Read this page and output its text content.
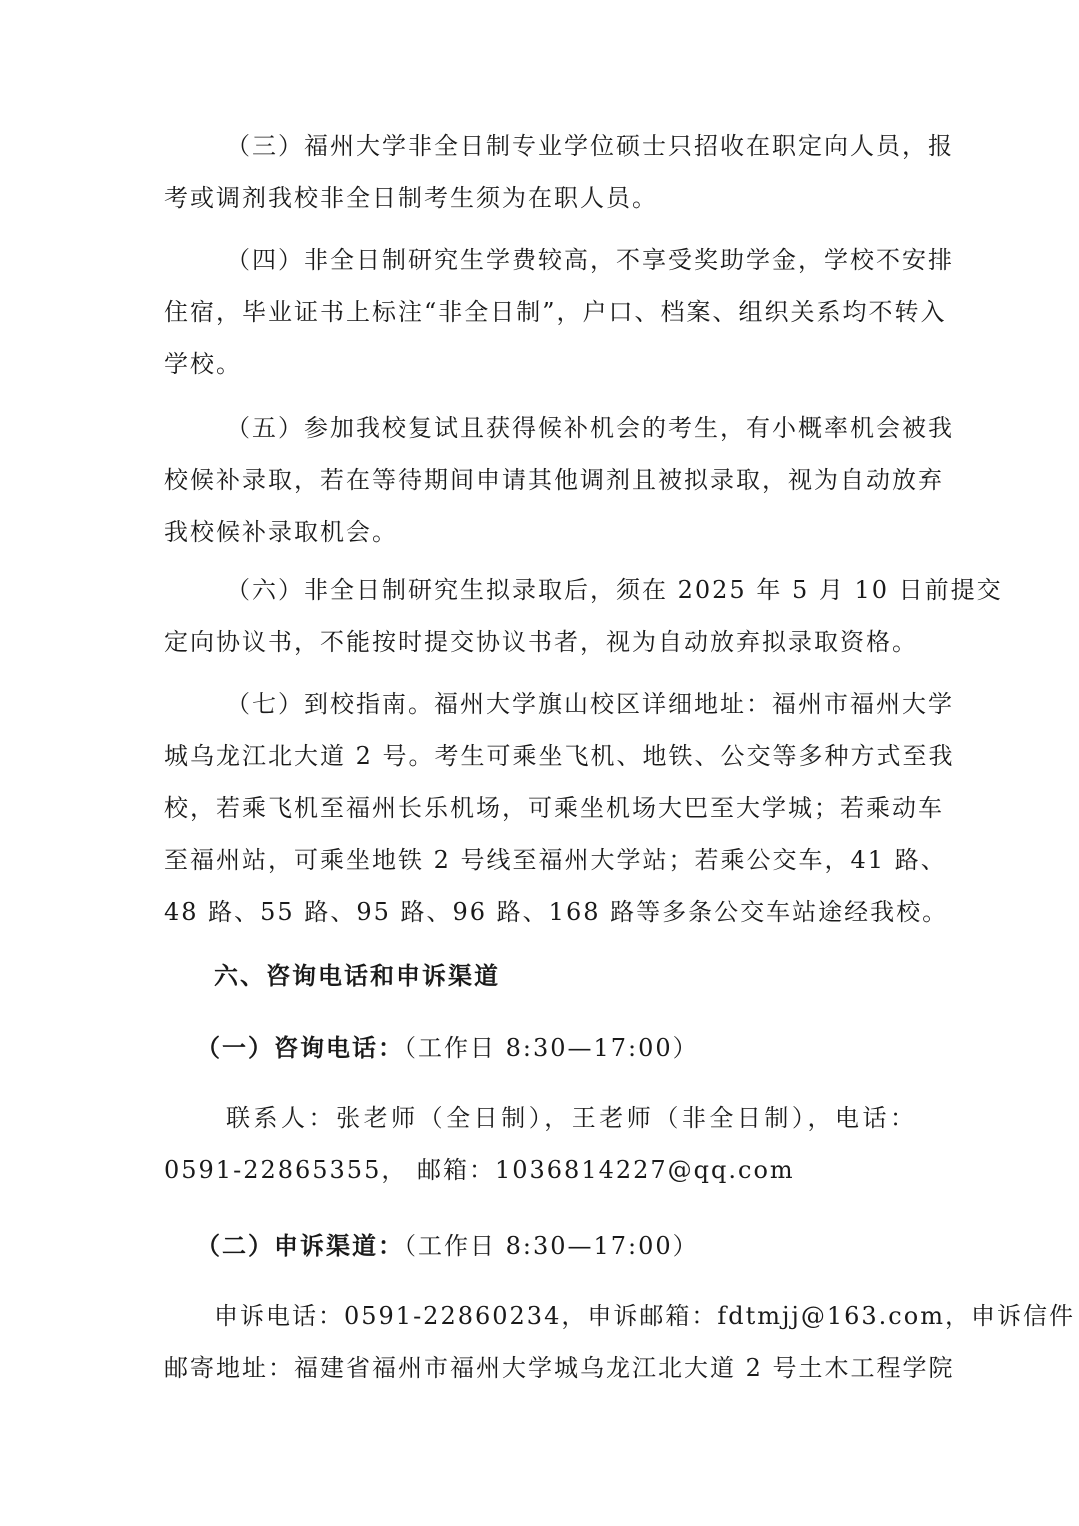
（三）福州大学非全日制专业学位硕士只招收在职定向人员，报
考或调剂我校非全日制考生须为在职人员。

（四）非全日制研究生学费较高，不享受奖助学金，学校不安排
住宿，毕业证书上标注“非全日制”，户口、档案、组织关系均不转入
学校。

（五）参加我校复试且获得候补机会的考生，有小概率机会被我
校候补录取，若在等待期间申请其他调剂且被拟录取，视为自动放弃
我校候补录取机会。

（六）非全日制研究生拟录取后，须在 2025 年 5 月 10 日前提交
定向协议书，不能按时提交协议书者，视为自动放弃拟录取资格。

（七）到校指南。福州大学旗山校区详细地址：福州市福州大学
城乌龙江北大道 2 号。考生可乘坐飞机、地铁、公交等多种方式至我
校，若乘飞机至福州长乐机场，可乘坐机场大巴至大学城；若乘动车
至福州站，可乘坐地铁 2 号线至福州大学站；若乘公交车，41 路、
48 路、55 路、95 路、96 路、168 路等多条公交车站途经我校。

六、咨询电话和申诉渠道
（一）咨询电话：（工作日 8:30—17:00）

联系人：张老师（全日制），王老师（非全日制），电话：
0591-22865355， 邮箱：1036814227@qq.com

（二）申诉渠道：（工作日 8:30—17:00）

申诉电话：0591-22860234，申诉邮箱：fdtmjj@163.com，申诉信件
邮寄地址：福建省福州市福州大学城乌龙江北大道 2 号土木工程学院
